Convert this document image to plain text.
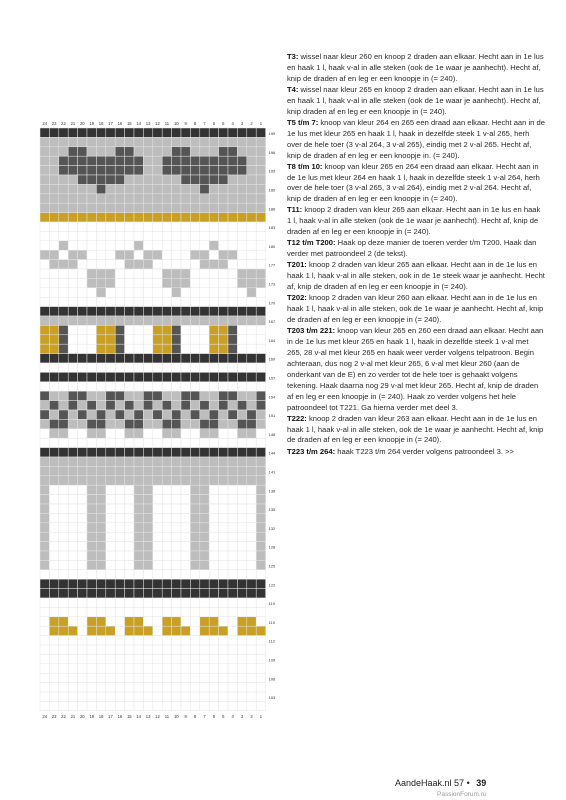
24
24
23
23
22
22
21
21
20
20
19
19
18
18
17
17
16
16
15
15
14
14
13
13
12
12
11
11
10
10
9
9
8
8
7
7
6
6
5
5
4
4
3
3
2
2
1
1
199
196
193
189
186
183
180
177
173
170
167
164
160
157
154
151
148
144
141
138
135
132
128
125
122
119
115
112
109
106
103

T3: wissel naar kleur 260 en knoop 2 draden aan elkaar. Hecht aan in 1e lus en haak 1 l, haak v-al in alle steken (ook de 1e waar je aanhecht). Hecht af, knip de draden af en leg er een knoopje in (= 240).

T4: wissel naar kleur 265 en knoop 2 draden aan elkaar. Hecht aan in 1e lus en haak 1 l, haak v-al in alle steken (ook de 1e waar je aanhecht). Hecht af, knip draden af en leg er een knoopje in (= 240).

T5 t/m 7: knoop van kleur 264 en 265 een draad aan elkaar. Hecht aan in de 1e lus met kleur 265 en haak 1 l, haak in dezelfde steek 1 v-al 265, herh over de hele toer (3 v-al 264, 3 v-al 265), eindig met 2 v-al 265. Hecht af, knip de draden af en leg er een knoopje in. (= 240).

T8 t/m 10: knoop van kleur 265 en 264 een draad aan elkaar. Hecht aan in de 1e lus met kleur 264 en haak 1 l, haak in dezelfde steek 1 v-al 264, herh over de hele toer (3 v-al 265, 3 v-al 264), eindig met 2 v-al 264. Hecht af, knip de draden af en leg er een knoopje in (= 240).

T11: knoop 2 draden van kleur 265 aan elkaar. Hecht aan in 1e lus en haak 1 l, haak v-al in alle steken (ook de 1e waar je aanhecht). Hecht af, knip de draden af en leg er een knoopje in (= 240).

T12 t/m T200: Haak op deze manier de toeren verder t/m T200. Haak dan verder met patroondeel 2 (de tekst).

T201: knoop 2 draden van kleur 265 aan elkaar. Hecht aan in de 1e lus en haak 1 l, haak v-al in alle steken, ook in de 1e steek waar je aanhecht. Hecht af, knip de draden af en leg er een knoopje in (= 240).

T202: knoop 2 draden van kleur 260 aan elkaar. Hecht aan in de 1e lus en haak 1 l, haak v-al in alle steken, ook de 1e waar je aanhecht. Hecht af, knip de draden af en leg er een knoopje in (= 240).

T203 t/m 221: knoop van kleur 265 en 260 een draad aan elkaar. Hecht aan in de 1e lus met kleur 265 en haak 1 l, haak in dezelfde steek 1 v-al met 265, 28 v-al met kleur 265 en haak weer verder volgens telpatroon. Begin achteraan, dus nog 2 v-al met kleur 265, 6 v-al met kleur 260 (aan de onderkant van de E) en zo verder tot de hele toer is gehaakt volgens tekening. Haak daarna nog 29 v-al met kleur 265. Hecht af, knip de draden af en leg er een knoopje in (= 240). Haak zo verder volgens het hele patroondeel tot T221. Ga hierna verder met deel 3.

T222: knoop 2 draden van kleur 263 aan elkaar. Hecht aan in de 1e lus en haak 1 l, haak v-al in alle steken, ook de 1e waar je aanhecht. Hecht af, knip de draden af en leg er een knoopje in (= 240).

T223 t/m 264: haak T223 t/m 264 verder volgens patroondeel 3. >>

AandeHaak.nl 57 • 39
PassionForum.ru
